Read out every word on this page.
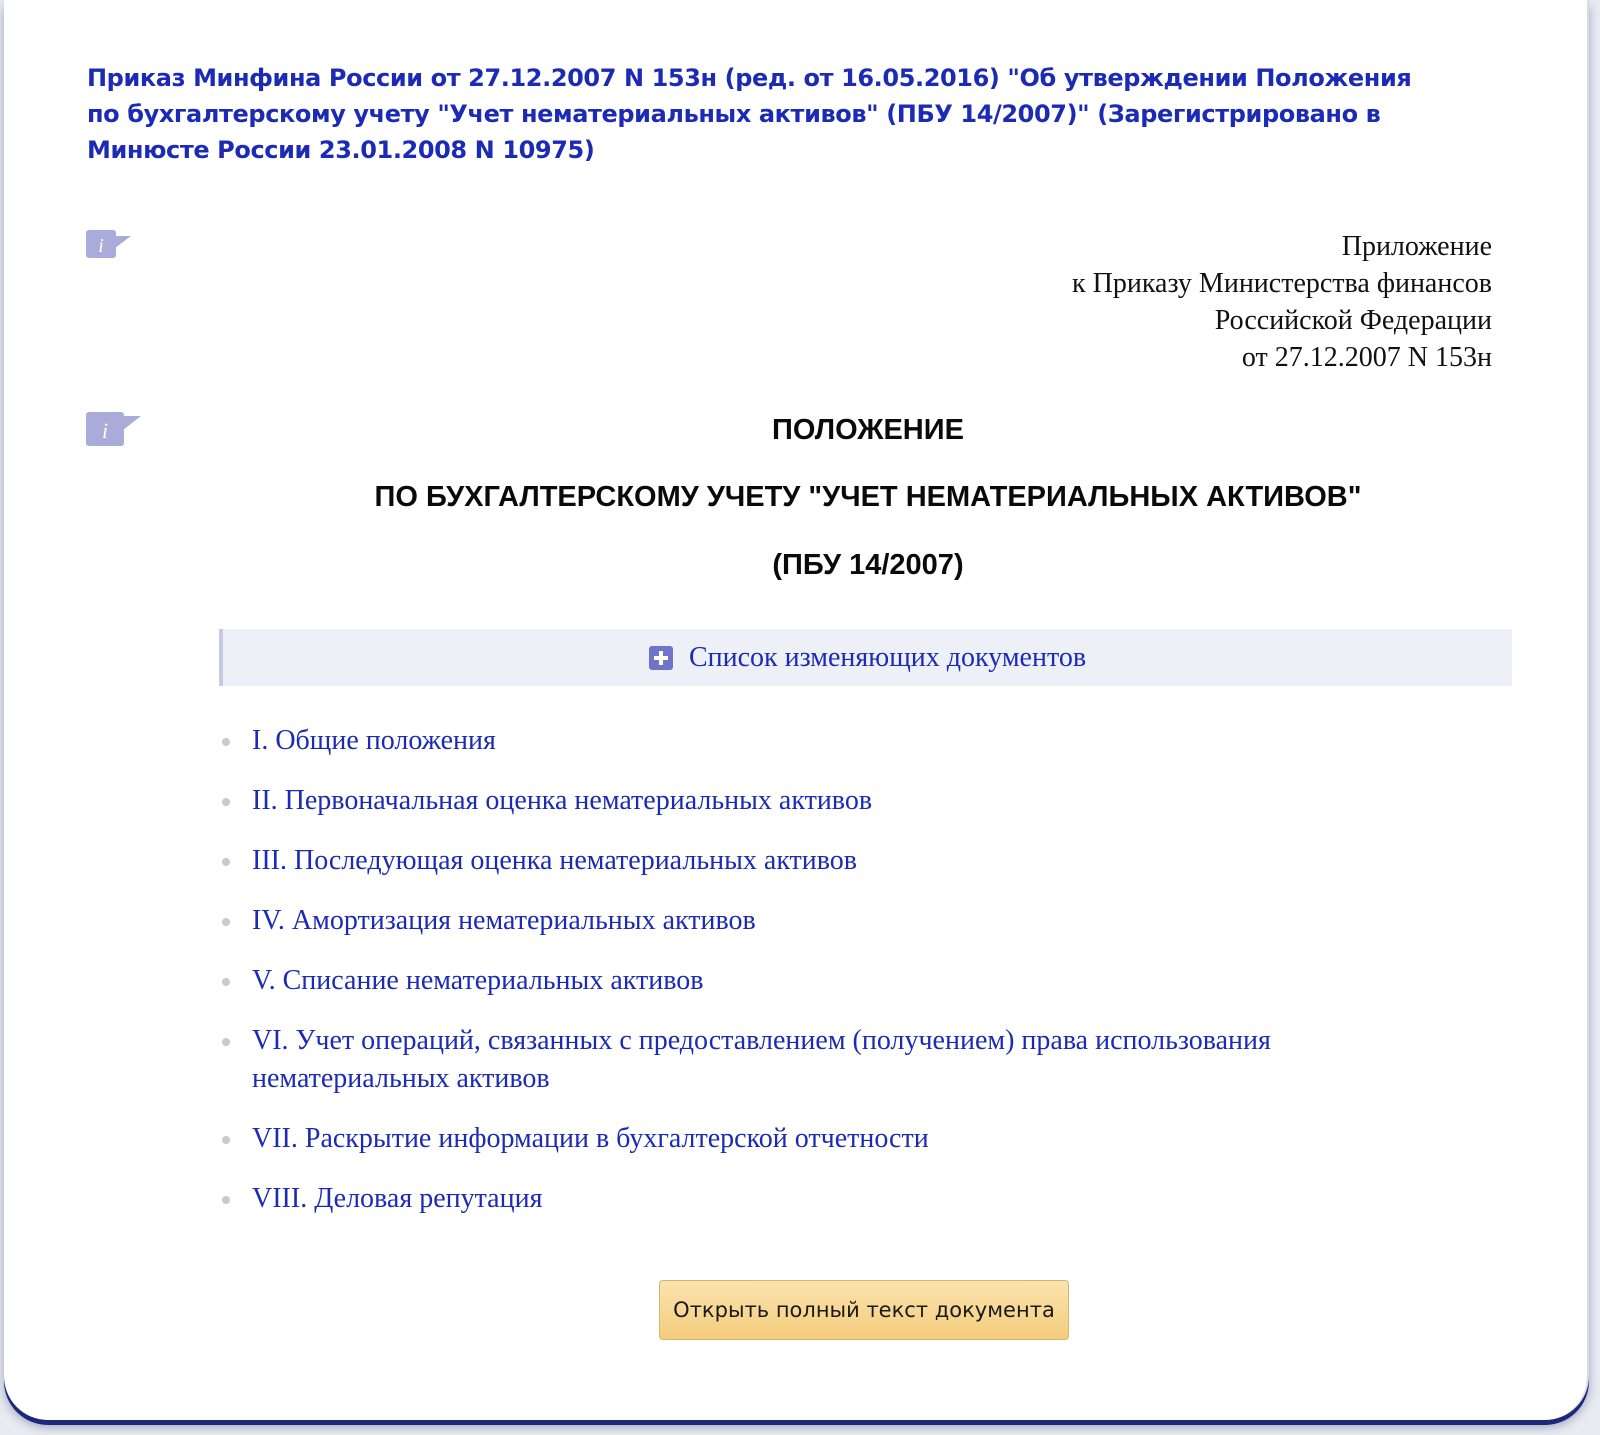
Приказ Минфина России от 27.12.2007 N 153н (ред. от 16.05.2016) "Об утверждении Положения по бухгалтерскому учету "Учет нематериальных активов" (ПБУ 14/2007)" (Зарегистрировано в Минюсте России 23.01.2008 N 10975)
i	Приложение
к Приказу Министерства финансов
Российской Федерации
от 27.12.2007 N 153н
i	ПОЛОЖЕНИЕ
ПО БУХГАЛТЕРСКОМУ УЧЕТУ "УЧЕТ НЕМАТЕРИАЛЬНЫХ АКТИВОВ"
(ПБУ 14/2007)
Список изменяющих документов
I. Общие положения
II. Первоначальная оценка нематериальных активов
III. Последующая оценка нематериальных активов
IV. Амортизация нематериальных активов
V. Списание нематериальных активов
VI. Учет операций, связанных с предоставлением (получением) права использования нематериальных активов
VII. Раскрытие информации в бухгалтерской отчетности
VIII. Деловая репутация
Открыть полный текст документа
